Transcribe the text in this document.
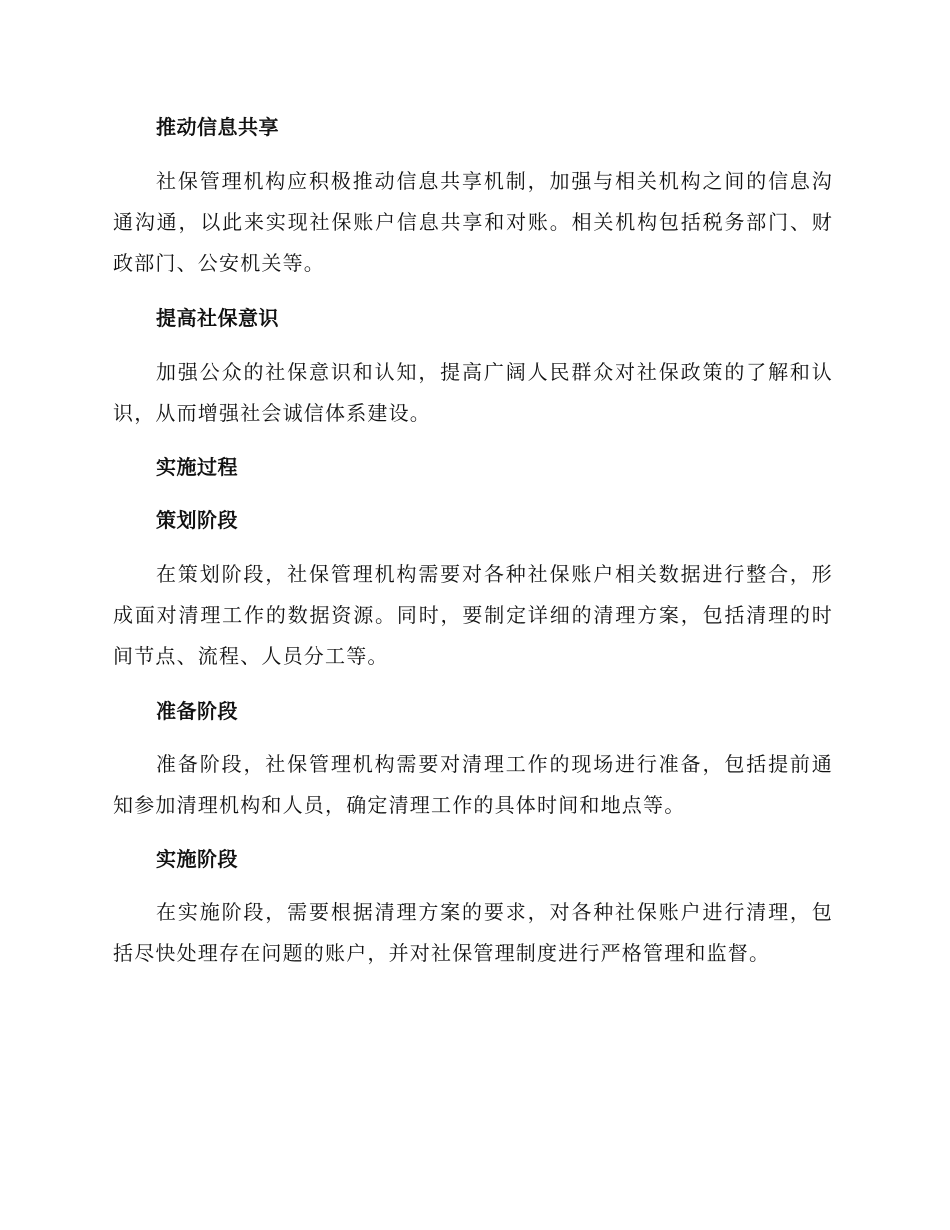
推动信息共享

社保管理机构应积极推动信息共享机制，加强与相关机构之间的信息沟通沟通，以此来实现社保账户信息共享和对账。相关机构包括税务部门、财政部门、公安机关等。

提高社保意识

加强公众的社保意识和认知，提高广阔人民群众对社保政策的了解和认识，从而增强社会诚信体系建设。

实施过程
策划阶段

在策划阶段，社保管理机构需要对各种社保账户相关数据进行整合，形成面对清理工作的数据资源。同时，要制定详细的清理方案，包括清理的时间节点、流程、人员分工等。

准备阶段

准备阶段，社保管理机构需要对清理工作的现场进行准备，包括提前通知参加清理机构和人员，确定清理工作的具体时间和地点等。

实施阶段

在实施阶段，需要根据清理方案的要求，对各种社保账户进行清理，包括尽快处理存在问题的账户，并对社保管理制度进行严格管理和监督。
